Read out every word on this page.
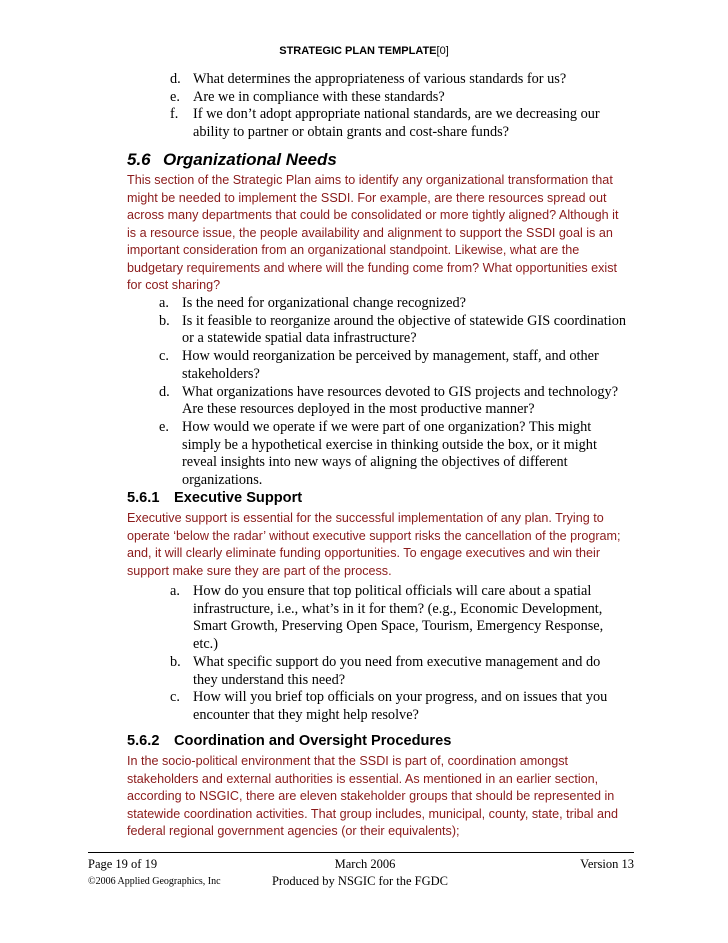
STRATEGIC PLAN TEMPLATE[0]
d. What determines the appropriateness of various standards for us?
e. Are we in compliance with these standards?
f. If we don’t adopt appropriate national standards, are we decreasing our ability to partner or obtain grants and cost-share funds?
5.6 Organizational Needs
This section of the Strategic Plan aims to identify any organizational transformation that might be needed to implement the SSDI. For example, are there resources spread out across many departments that could be consolidated or more tightly aligned? Although it is a resource issue, the people availability and alignment to support the SSDI goal is an important consideration from an organizational standpoint. Likewise, what are the budgetary requirements and where will the funding come from? What opportunities exist for cost sharing?
a. Is the need for organizational change recognized?
b. Is it feasible to reorganize around the objective of statewide GIS coordination or a statewide spatial data infrastructure?
c. How would reorganization be perceived by management, staff, and other stakeholders?
d. What organizations have resources devoted to GIS projects and technology? Are these resources deployed in the most productive manner?
e. How would we operate if we were part of one organization? This might simply be a hypothetical exercise in thinking outside the box, or it might reveal insights into new ways of aligning the objectives of different organizations.
5.6.1 Executive Support
Executive support is essential for the successful implementation of any plan. Trying to operate ‘below the radar’ without executive support risks the cancellation of the program; and, it will clearly eliminate funding opportunities. To engage executives and win their support make sure they are part of the process.
a. How do you ensure that top political officials will care about a spatial infrastructure, i.e., what’s in it for them? (e.g., Economic Development, Smart Growth, Preserving Open Space, Tourism, Emergency Response, etc.)
b. What specific support do you need from executive management and do they understand this need?
c. How will you brief top officials on your progress, and on issues that you encounter that they might help resolve?
5.6.2 Coordination and Oversight Procedures
In the socio-political environment that the SSDI is part of, coordination amongst stakeholders and external authorities is essential. As mentioned in an earlier section, according to NSGIC, there are eleven stakeholder groups that should be represented in statewide coordination activities. That group includes, municipal, county, state, tribal and federal regional government agencies (or their equivalents);
Page 19 of 19	March 2006	Version 13
©2006 Applied Geographics, Inc	Produced by NSGIC for the FGDC
